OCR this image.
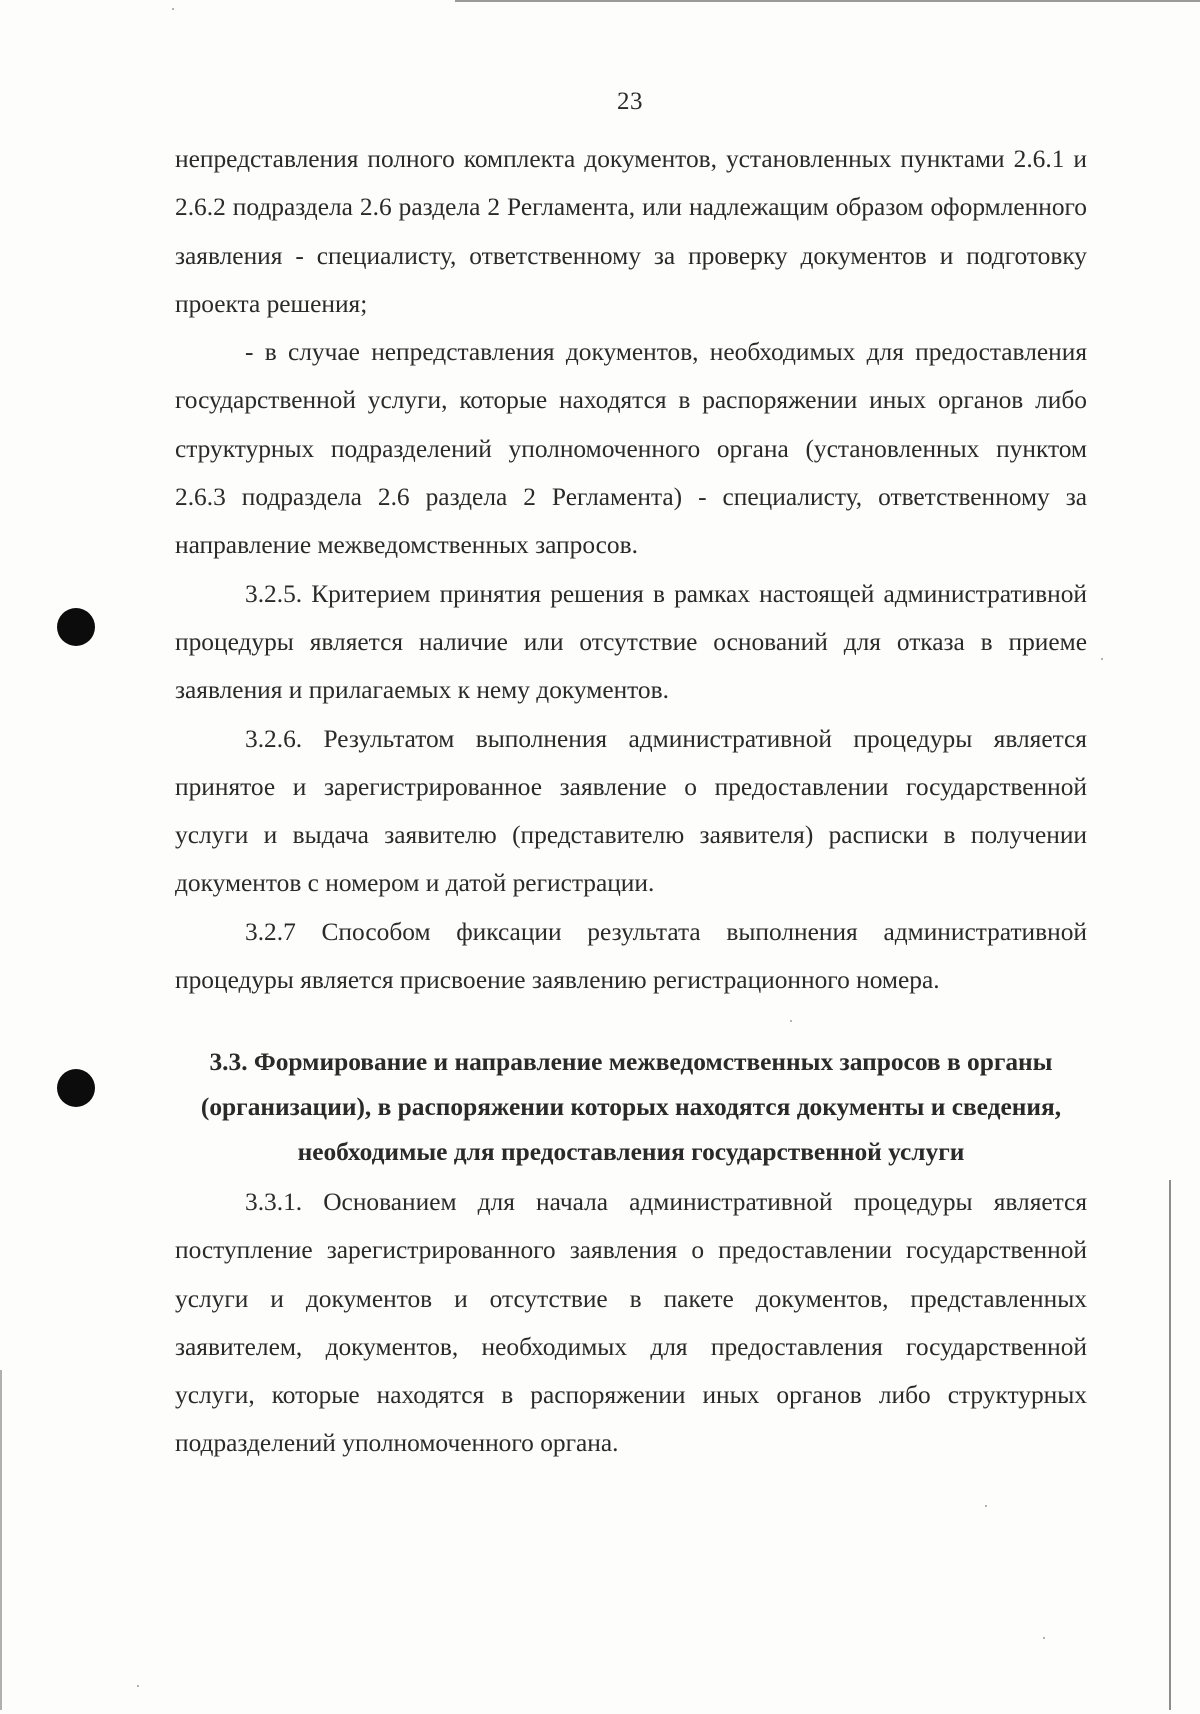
23

непредставления полного комплекта документов, установленных пунктами 2.6.1 и 2.6.2 подраздела 2.6 раздела 2 Регламента, или надлежащим образом оформленного заявления - специалисту, ответственному за проверку документов и подготовку проекта решения;

- в случае непредставления документов, необходимых для предоставления государственной услуги, которые находятся в распоряжении иных органов либо структурных подразделений уполномоченного органа (установленных пунктом 2.6.3 подраздела 2.6 раздела 2 Регламента) - специалисту, ответственному за направление межведомственных запросов.

3.2.5. Критерием принятия решения в рамках настоящей административной процедуры является наличие или отсутствие оснований для отказа в приеме заявления и прилагаемых к нему документов.

3.2.6. Результатом выполнения административной процедуры является принятое и зарегистрированное заявление о предоставлении государственной услуги и выдача заявителю (представителю заявителя) расписки в получении документов с номером и датой регистрации.

3.2.7 Способом фиксации результата выполнения административной процедуры является присвоение заявлению регистрационного номера.

3.3. Формирование и направление межведомственных запросов в органы (организации), в распоряжении которых находятся документы и сведения, необходимые для предоставления государственной услуги

3.3.1. Основанием для начала административной процедуры является поступление зарегистрированного заявления о предоставлении государственной услуги и документов и отсутствие в пакете документов, представленных заявителем, документов, необходимых для предоставления государственной услуги, которые находятся в распоряжении иных органов либо структурных подразделений уполномоченного органа.
